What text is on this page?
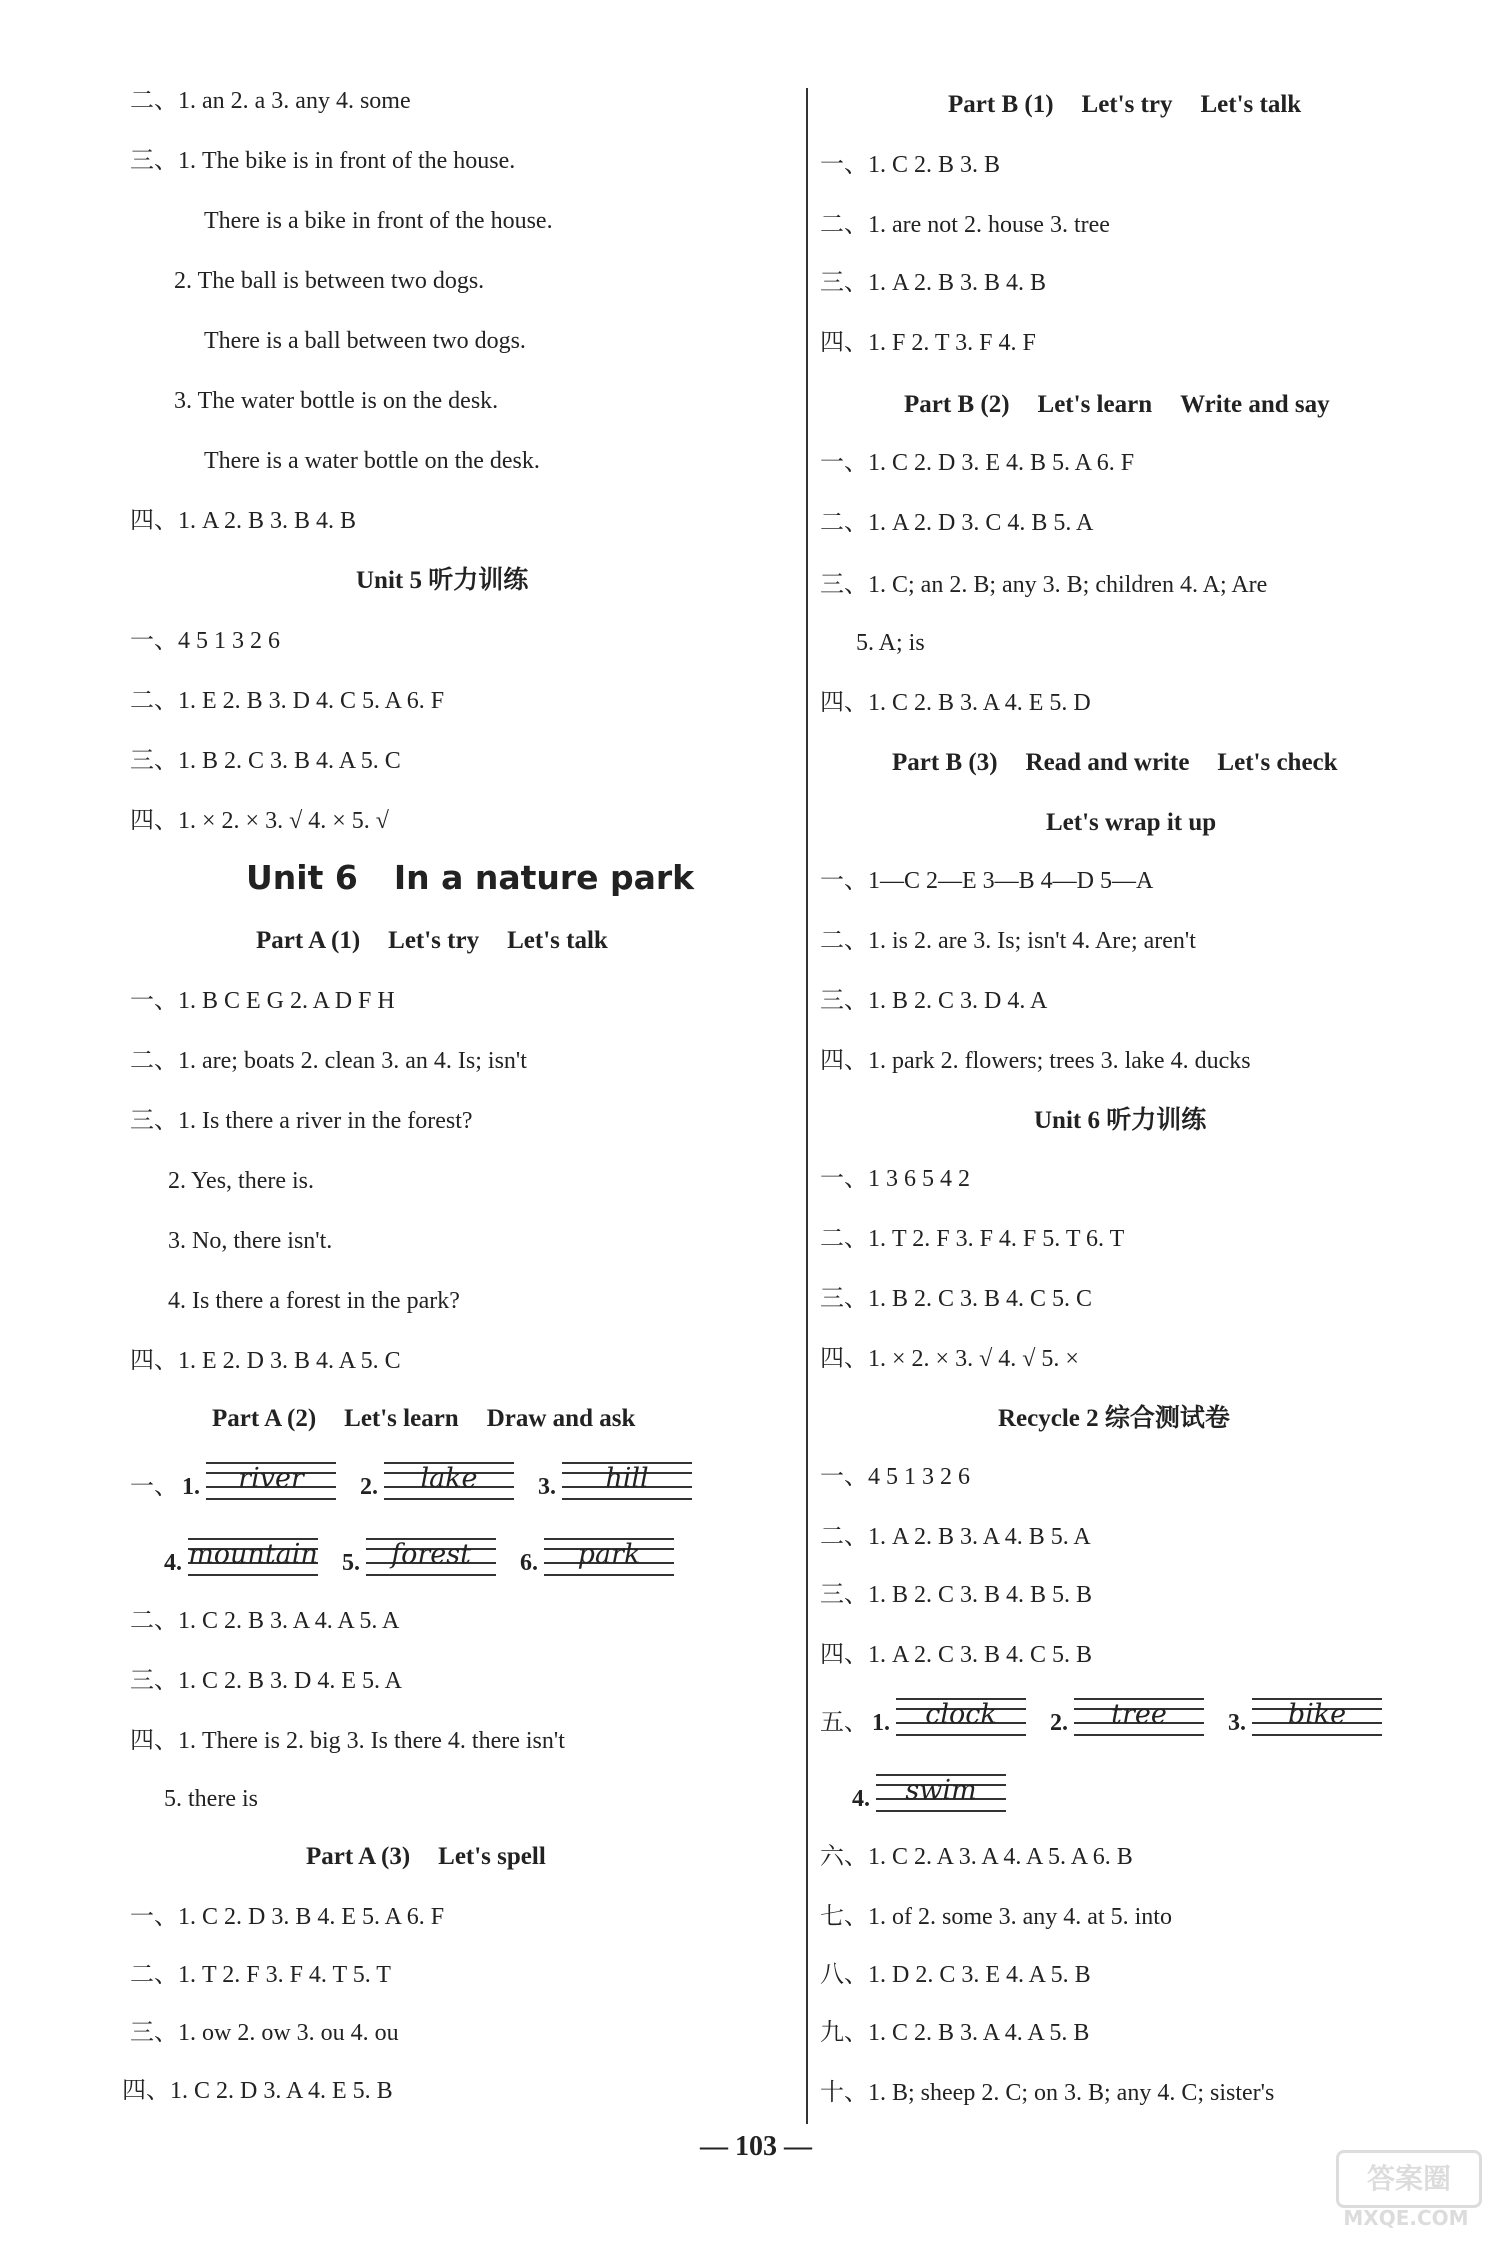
二、1. an 2. a 3. any 4. some
三、1. The bike is in front of the house.
There is a bike in front of the house.
2. The ball is between two dogs.
There is a ball between two dogs.
3. The water bottle is on the desk.
There is a water bottle on the desk.
四、1. A 2. B 3. B 4. B
Unit 5 听力训练
一、4 5 1 3 2 6
二、1. E 2. B 3. D 4. C 5. A 6. F
三、1. B 2. C 3. B 4. A 5. C
四、1. × 2. × 3. √ 4. × 5. √
Unit 6 In a nature park
Part A (1) Let's try Let's talk
一、1. B C E G 2. A D F H
二、1. are; boats 2. clean 3. an 4. Is; isn't
三、1. Is there a river in the forest?
2. Yes, there is.
3. No, there isn't.
4. Is there a forest in the park?
四、1. E 2. D 3. B 4. A 5. C
Part A (2) Let's learn Draw and ask
一、 1.	river	2.	lake	3.	hill
4. mountain 5.	forest	6.	park
二、1. C 2. B 3. A 4. A 5. A
三、1. C 2. B 3. D 4. E 5. A
四、1. There is 2. big 3. Is there 4. there isn't
5. there is
Part A (3) Let's spell
一、1. C 2. D 3. B 4. E 5. A 6. F
二、1. T 2. F 3. F 4. T 5. T
三、1. ow 2. ow 3. ou 4. ou
四、1. C 2. D 3. A 4. E 5. B
Part B (1) Let's try Let's talk
一、1. C 2. B 3. B
二、1. are not 2. house 3. tree
三、1. A 2. B 3. B 4. B
四、1. F 2. T 3. F 4. F
Part B (2) Let's learn Write and say
一、1. C 2. D 3. E 4. B 5. A 6. F
二、1. A 2. D 3. C 4. B 5. A
三、1. C; an 2. B; any 3. B; children 4. A; Are
5. A; is
四、1. C 2. B 3. A 4. E 5. D
Part B (3) Read and write Let's check
Let's wrap it up
一、1—C 2—E 3—B 4—D 5—A
二、1. is 2. are 3. Is; isn't 4. Are; aren't
三、1. B 2. C 3. D 4. A
四、1. park 2. flowers; trees 3. lake 4. ducks
Unit 6 听力训练
一、1 3 6 5 4 2
二、1. T 2. F 3. F 4. F 5. T 6. T
三、1. B 2. C 3. B 4. C 5. C
四、1. × 2. × 3. √ 4. √ 5. ×
Recycle 2 综合测试卷
一、4 5 1 3 2 6
二、1. A 2. B 3. A 4. B 5. A
三、1. B 2. C 3. B 4. B 5. B
四、1. A 2. C 3. B 4. C 5. B
五、 1.	clock	2.	tree	3.	bike
4.	swim
六、1. C 2. A 3. A 4. A 5. A 6. B
七、1. of 2. some 3. any 4. at 5. into
八、1. D 2. C 3. E 4. A 5. B
九、1. C 2. B 3. A 4. A 5. B
十、1. B; sheep 2. C; on 3. B; any 4. C; sister's
— 103 —
答案圈
MXQE.COM
